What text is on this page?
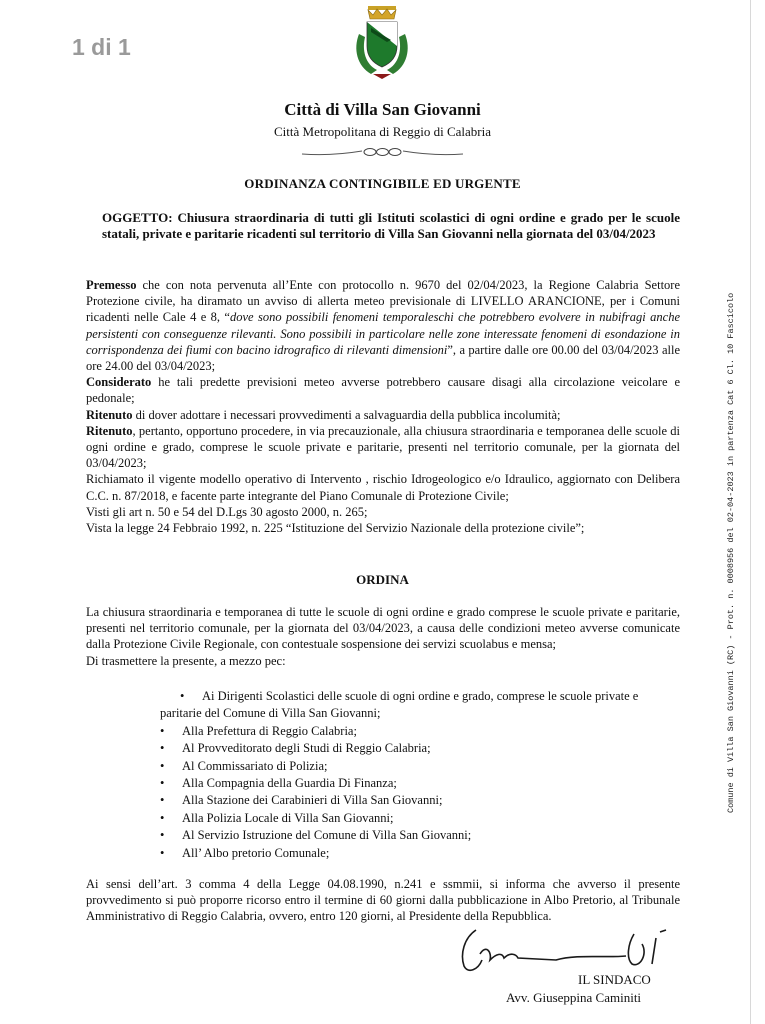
1 di 1
Città di Villa San Giovanni
Città Metropolitana di Reggio di Calabria
ORDINANZA CONTINGIBILE ED URGENTE
OGGETTO: Chiusura straordinaria di tutti gli Istituti scolastici di ogni ordine e grado per le scuole statali, private e paritarie ricadenti sul territorio di Villa San Giovanni nella giornata del 03/04/2023

Premesso che con nota pervenuta all’Ente con protocollo n. 9670 del 02/04/2023, la Regione Calabria Settore Protezione civile, ha diramato un avviso di allerta meteo previsionale di LIVELLO ARANCIONE, per i Comuni ricadenti nelle Cale 4 e 8, “dove sono possibili fenomeni temporaleschi che potrebbero evolvere in nubifragi anche persistenti con conseguenze rilevanti. Sono possibili in particolare nelle zone interessate fenomeni di esondazione in corrispondenza dei fiumi con bacino idrografico di rilevanti dimensioni”, a partire dalle ore 00.00 del 03/04/2023 alle ore 24.00 del 03/04/2023;

Considerato he tali predette previsioni meteo avverse potrebbero causare disagi alla circolazione veicolare e pedonale;

Ritenuto di dover adottare i necessari provvedimenti a salvaguardia della pubblica incolumità;

Ritenuto, pertanto, opportuno procedere, in via precauzionale, alla chiusura straordinaria e temporanea delle scuole di ogni ordine e grado, comprese le scuole private e paritarie, presenti nel territorio comunale, per la giornata del 03/04/2023;

Richiamato il vigente modello operativo di Intervento , rischio Idrogeologico e/o Idraulico, aggiornato con Delibera C.C. n. 87/2018, e facente parte integrante del Piano Comunale di Protezione Civile;

Visti gli art n. 50 e 54 del D.Lgs 30 agosto 2000, n. 265;

Vista la legge 24 Febbraio 1992, n. 225 “Istituzione del Servizio Nazionale della protezione civile”;

ORDINA

La chiusura straordinaria e temporanea di tutte le scuole di ogni ordine e grado comprese le scuole private e paritarie, presenti nel territorio comunale, per la giornata del 03/04/2023, a causa delle condizioni meteo avverse comunicate dalla Protezione Civile Regionale, con contestuale sospensione dei servizi scuolabus e mensa;

Di trasmettere la presente, a mezzo pec:

•	Ai Dirigenti Scolastici delle scuole di ogni ordine e grado, comprese le scuole private e
paritarie del Comune di Villa San Giovanni;
•	Alla Prefettura di Reggio Calabria;
•	Al Provveditorato degli Studi di Reggio Calabria;
•	Al Commissariato di Polizia;
•	Alla Compagnia della Guardia Di Finanza;
•	Alla Stazione dei Carabinieri di Villa San Giovanni;
•	Alla Polizia Locale di Villa San Giovanni;
•	Al Servizio Istruzione del Comune di Villa San Giovanni;
•	All’ Albo pretorio Comunale;
Ai sensi dell’art. 3 comma 4 della Legge 04.08.1990, n.241 e ssmmii, si informa che avverso il presente provvedimento si può proporre ricorso entro il termine di 60 giorni dalla pubblicazione in Albo Pretorio, al Tribunale Amministrativo di Reggio Calabria, ovvero, entro 120 giorni, al Presidente della Repubblica.
IL SINDACO
Avv. Giuseppina Caminiti
Comune di Villa San Giovanni (RC) - Prot. n. 0008956 del 02-04-2023 in partenza Cat 6 Cl. 10 Fascicolo
